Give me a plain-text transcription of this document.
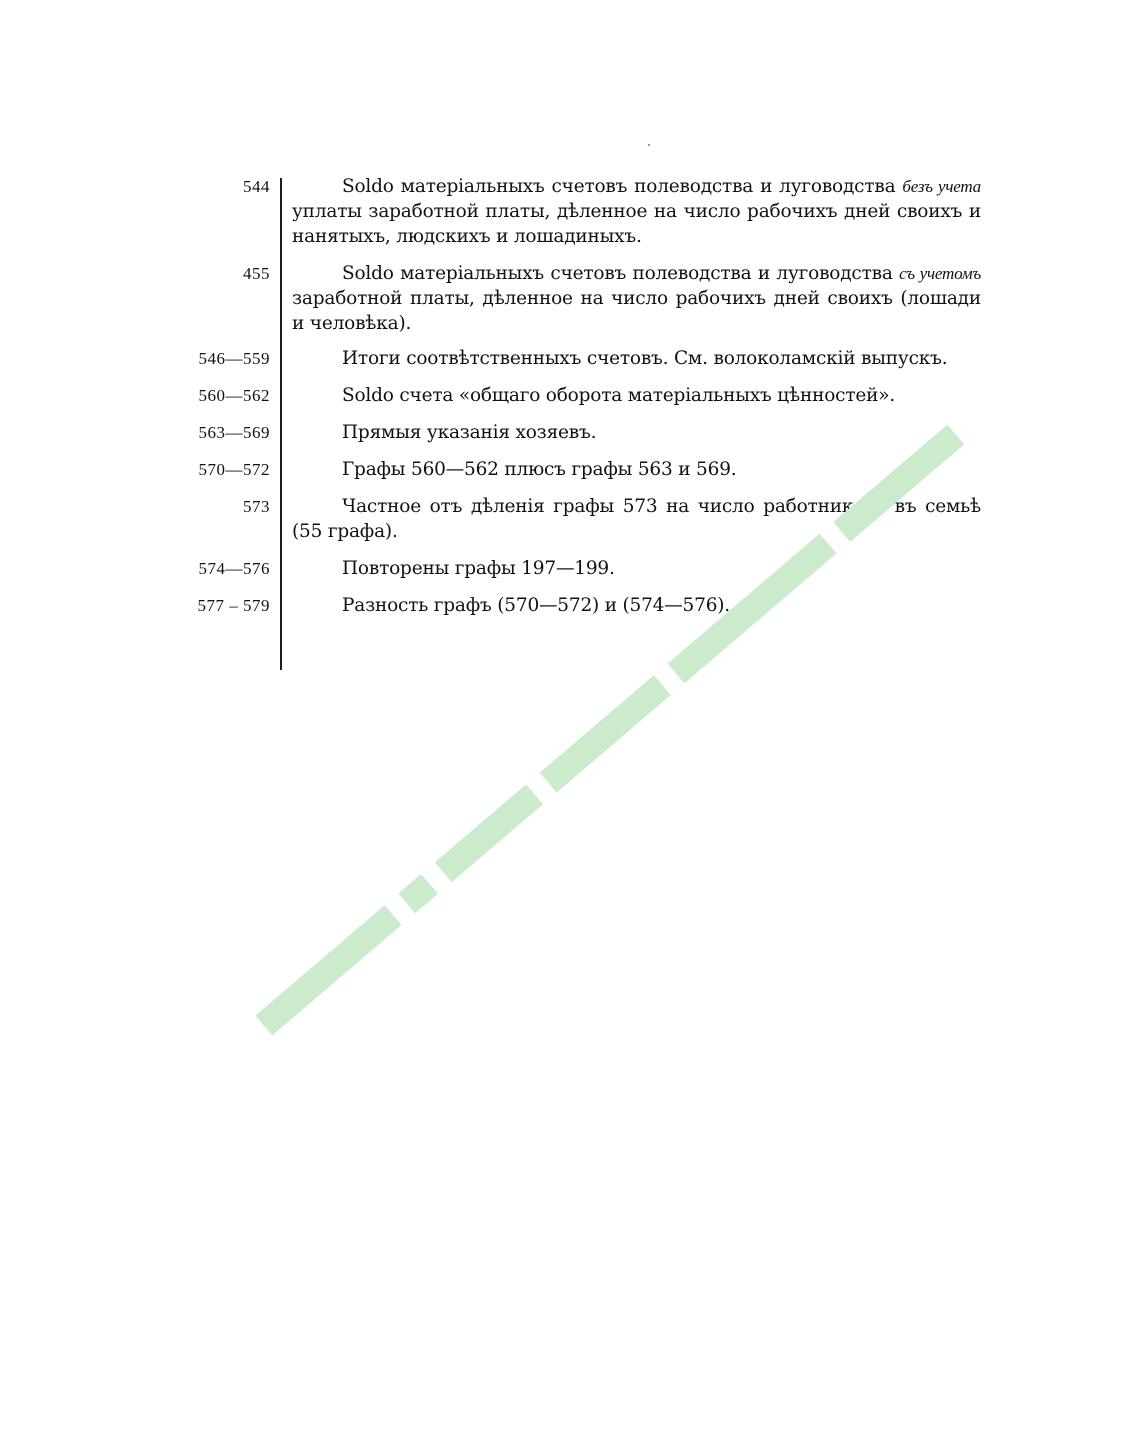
544	Soldo матеріальныхъ счетовъ полеводства и луговодства безъ учета уплаты заработной платы, дѣленное на число рабочихъ дней своихъ и нанятыхъ, людскихъ и лошадиныхъ.
455	Soldo матеріальныхъ счетовъ полеводства и луговодства съ учетомъ заработной платы, дѣленное на число рабочихъ дней своихъ (лошади и человѣка).
546—559	Итоги соотвѣтственныхъ счетовъ. См. волоколамскій выпускъ.
560—562	Soldo счета «общаго оборота матеріальныхъ цѣнностей».
563—569	Прямыя указанія хозяевъ.
570—572	Графы 560—562 плюсъ графы 563 и 569.
573	Частное отъ дѣленія графы 573 на число работниковъ въ семьѣ (55 графа).
574—576	Повторены графы 197—199.
577 – 579	Разность графъ (570—572) и (574—576).
